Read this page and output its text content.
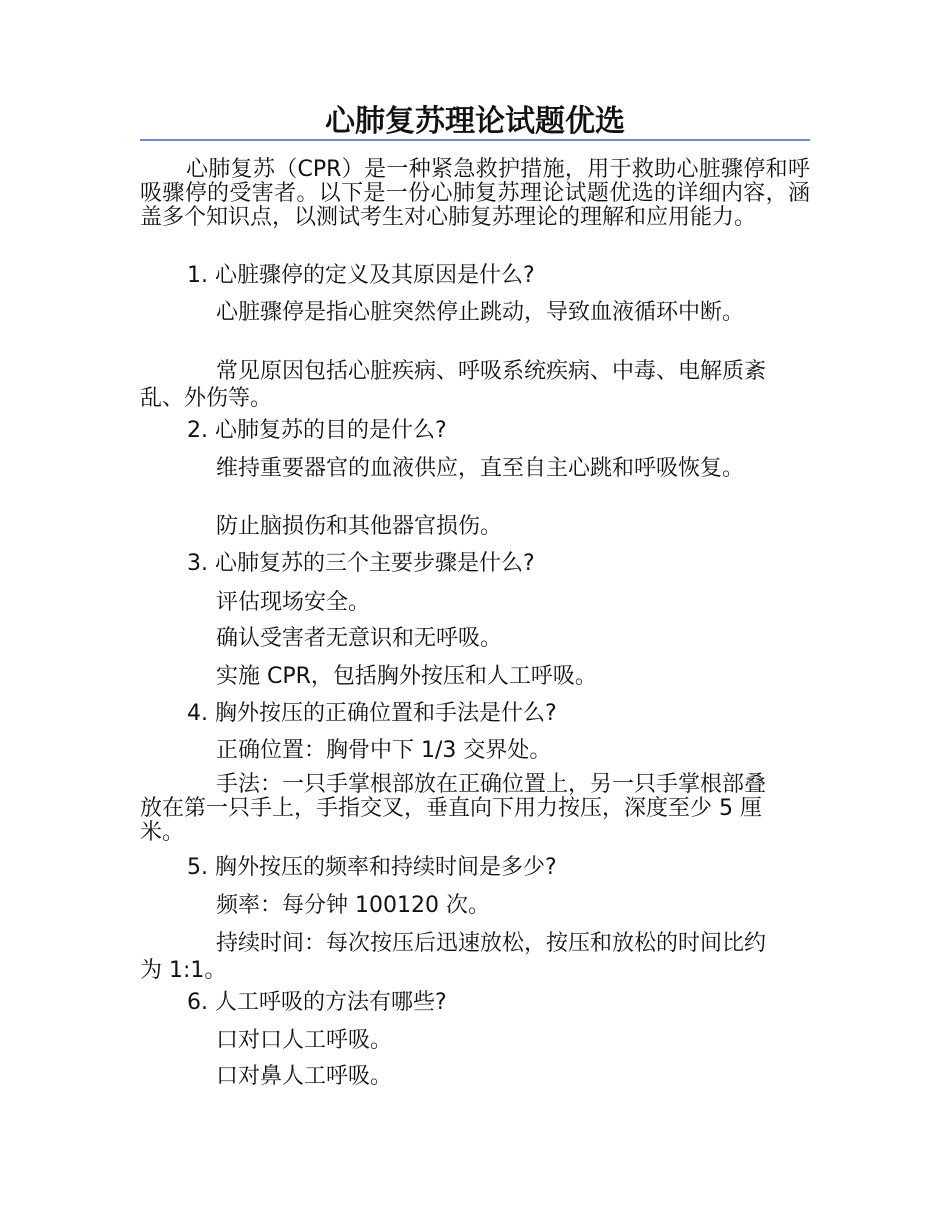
心肺复苏理论试题优选
心肺复苏（CPR）是一种紧急救护措施，用于救助心脏骤停和呼吸骤停的受害者。以下是一份心肺复苏理论试题优选的详细内容，涵盖多个知识点，以测试考生对心肺复苏理论的理解和应用能力。
1. 心脏骤停的定义及其原因是什么?
心脏骤停是指心脏突然停止跳动，导致血液循环中断。
常见原因包括心脏疾病、呼吸系统疾病、中毒、电解质紊乱、外伤等。
2. 心肺复苏的目的是什么?
维持重要器官的血液供应，直至自主心跳和呼吸恢复。
防止脑损伤和其他器官损伤。
3. 心肺复苏的三个主要步骤是什么?
评估现场安全。
确认受害者无意识和无呼吸。
实施 CPR，包括胸外按压和人工呼吸。
4. 胸外按压的正确位置和手法是什么?
正确位置：胸骨中下 1/3 交界处。
手法：一只手掌根部放在正确位置上，另一只手掌根部叠放在第一只手上，手指交叉，垂直向下用力按压，深度至少 5 厘米。
5. 胸外按压的频率和持续时间是多少?
频率：每分钟 100120 次。
持续时间：每次按压后迅速放松，按压和放松的时间比约为 1:1。
6. 人工呼吸的方法有哪些?
口对口人工呼吸。
口对鼻人工呼吸。
